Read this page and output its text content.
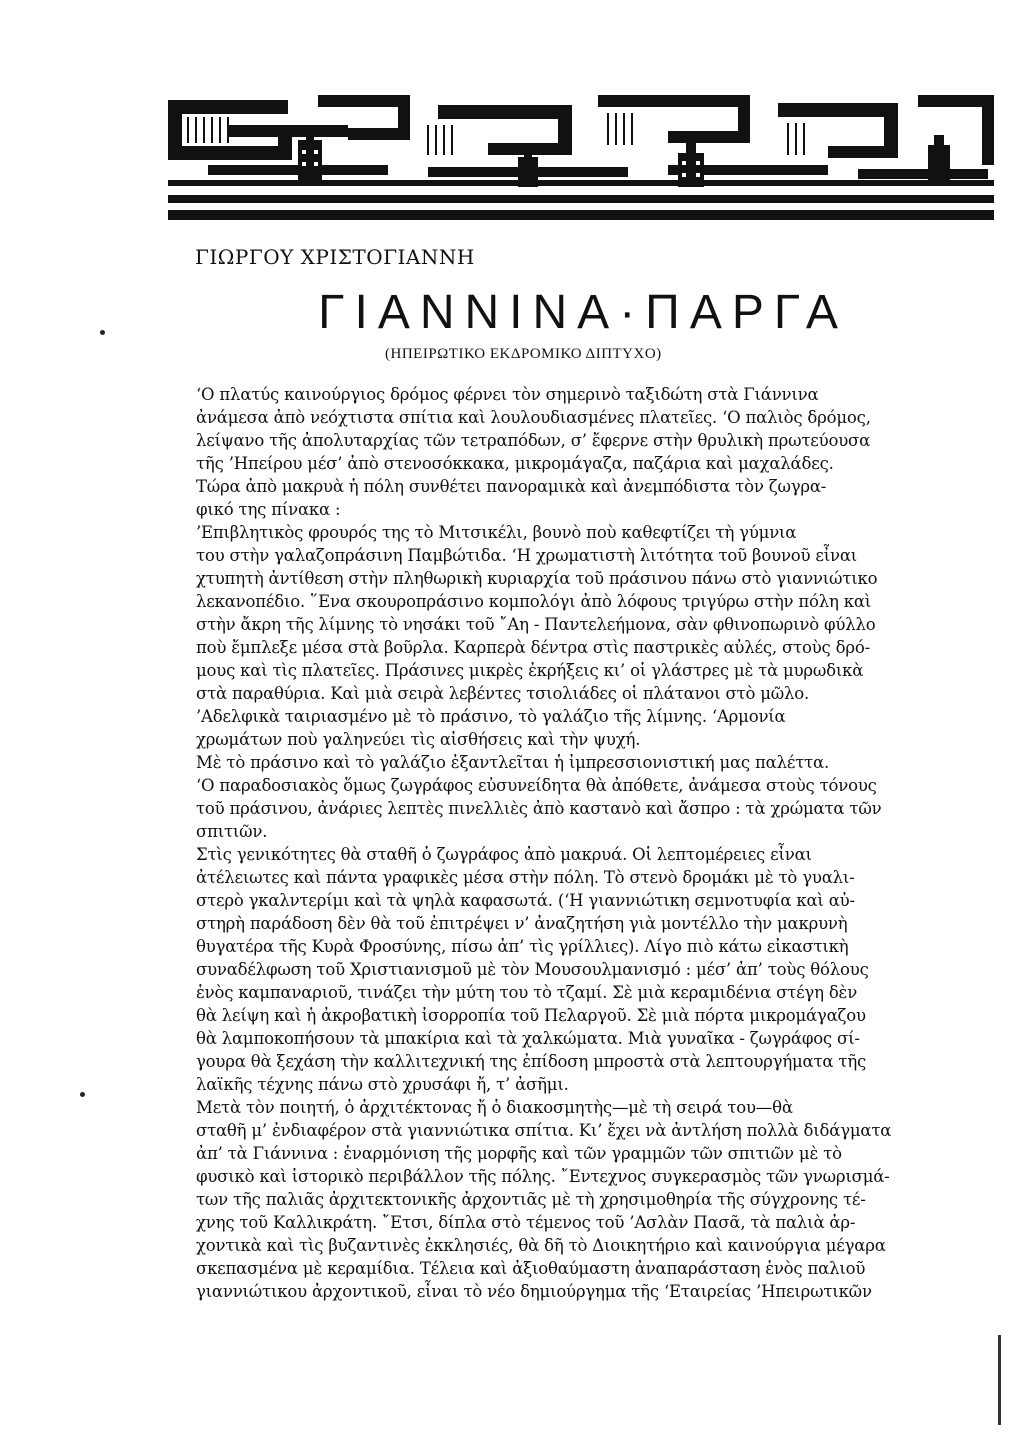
ΓΙΩΡΓΟΥ ΧΡΙΣΤΟΓΙΑΝΝΗ
ΓΙΑΝΝΙΝΑ·ΠΑΡΓΑ
(ΗΠΕΙΡΩΤΙΚΟ ΕΚΔΡΟΜΙΚΟ ΔΙΠΤΥΧΟ)
‘Ο πλατύς καινούργιος δρόμος φέρνει τὸν σημερινὸ ταξιδώτη στὰ Γιάννινα
ἀνάμεσα ἀπὸ νεόχτιστα σπίτια καὶ λουλουδιασμένες πλατεῖες. ‘Ο παλιὸς δρόμος,
λείψανο τῆς ἀπολυταρχίας τῶν τετραπόδων, σ’ ἔφερνε στὴν θρυλικὴ πρωτεύουσα
τῆς ’Ηπείρου μέσ’ ἀπὸ στενοσόκκακα, μικρομάγαζα, παζάρια καὶ μαχαλάδες.
Τώρα ἀπὸ μακρυὰ ἡ πόλη συνθέτει πανοραμικὰ καὶ ἀνεμπόδιστα τὸν ζωγρα-
φικό της πίνακα :
’Επιβλητικὸς φρουρός της τὸ Μιτσικέλι, βουνὸ ποὺ καθεφτίζει τὴ γύμνια
του στὴν γαλαζοπράσινη Παμβώτιδα. ‘Η χρωματιστὴ λιτότητα τοῦ βουνοῦ εἶναι
χτυπητὴ ἀντίθεση στὴν πληθωρικὴ κυριαρχία τοῦ πράσινου πάνω στὸ γιαννιώτικο
λεκανοπέδιο. ῞Ενα σκουροπράσινο κομπολόγι ἀπὸ λόφους τριγύρω στὴν πόλη καὶ
στὴν ἄκρη τῆς λίμνης τὸ νησάκι τοῦ ῎Αη - Παντελεήμονα, σὰν φθινοπωρινὸ φύλλο
ποὺ ἔμπλεξε μέσα στὰ βοῦρλα. Καρπερὰ δέντρα στὶς παστρικὲς αὐλές, στοὺς δρό-
μους καὶ τὶς πλατεῖες. Πράσινες μικρὲς ἐκρήξεις κι’ οἱ γλάστρες μὲ τὰ μυρωδικὰ
στὰ παραθύρια. Καὶ μιὰ σειρὰ λεβέντες τσιολιάδες οἱ πλάτανοι στὸ μῶλο.
’Αδελφικὰ ταιριασμένο μὲ τὸ πράσινο, τὸ γαλάζιο τῆς λίμνης. ‘Αρμονία
χρωμάτων ποὺ γαληνεύει τὶς αἰσθήσεις καὶ τὴν ψυχή.
Μὲ τὸ πράσινο καὶ τὸ γαλάζιο ἐξαντλεῖται ἡ ἰμπρεσσιονιστική μας παλέττα.
‘Ο παραδοσιακὸς ὅμως ζωγράφος εὐσυνείδητα θὰ ἀπόθετε, ἀνάμεσα στοὺς τόνους
τοῦ πράσινου, ἀνάριες λεπτὲς πινελλιὲς ἀπὸ καστανὸ καὶ ἄσπρο : τὰ χρώματα τῶν
σπιτιῶν.
Στὶς γενικότητες θὰ σταθῆ ὁ ζωγράφος ἀπὸ μακρυά. Οἱ λεπτομέρειες εἶναι
ἀτέλειωτες καὶ πάντα γραφικὲς μέσα στὴν πόλη. Τὸ στενὸ δρομάκι μὲ τὸ γυαλι-
στερὸ γκαλντερίμι καὶ τὰ ψηλὰ καφασωτά. (‘Η γιαννιώτικη σεμνοτυφία καὶ αὐ-
στηρὴ παράδοση δὲν θὰ τοῦ ἐπιτρέψει ν’ ἀναζητήση γιὰ μοντέλλο τὴν μακρυνὴ
θυγατέρα τῆς Κυρὰ Φροσύνης, πίσω ἀπ’ τὶς γρίλλιες). Λίγο πιὸ κάτω εἰκαστικὴ
συναδέλφωση τοῦ Χριστιανισμοῦ μὲ τὸν Μουσουλμανισμό : μέσ’ ἀπ’ τοὺς θόλους
ἑνὸς καμπαναριοῦ, τινάζει τὴν μύτη του τὸ τζαμί. Σὲ μιὰ κεραμιδένια στέγη δὲν
θὰ λείψη καὶ ἡ ἀκροβατικὴ ἰσορροπία τοῦ Πελαργοῦ. Σὲ μιὰ πόρτα μικρομάγαζου
θὰ λαμποκοπήσουν τὰ μπακίρια καὶ τὰ χαλκώματα. Μιὰ γυναῖκα - ζωγράφος σί-
γουρα θὰ ξεχάση τὴν καλλιτεχνική της ἐπίδοση μπροστὰ στὰ λεπτουργήματα τῆς
λαϊκῆς τέχνης πάνω στὸ χρυσάφι ἤ, τ’ ἀσῆμι.
Μετὰ τὸν ποιητή, ὁ ἀρχιτέκτονας ἤ ὁ διακοσμητὴς—μὲ τὴ σειρά του—θὰ
σταθῆ μ’ ἐνδιαφέρον στὰ γιαννιώτικα σπίτια. Κι’ ἔχει νὰ ἀντλήση πολλὰ διδάγματα
ἀπ’ τὰ Γιάννινα : ἐναρμόνιση τῆς μορφῆς καὶ τῶν γραμμῶν τῶν σπιτιῶν μὲ τὸ
φυσικὸ καὶ ἱστορικὸ περιβάλλον τῆς πόλης. ῎Εντεχνος συγκερασμὸς τῶν γνωρισμά-
των τῆς παλιᾶς ἀρχιτεκτονικῆς ἀρχοντιᾶς μὲ τὴ χρησιμοθηρία τῆς σύγχρονης τέ-
χνης τοῦ Καλλικράτη. ῎Ετσι, δίπλα στὸ τέμενος τοῦ ’Ασλὰν Πασᾶ, τὰ παλιὰ ἀρ-
χοντικὰ καὶ τὶς βυζαντινὲς ἐκκλησιές, θὰ δῆ τὸ Διοικητήριο καὶ καινούργια μέγαρα
σκεπασμένα μὲ κεραμίδια. Τέλεια καὶ ἀξιοθαύμαστη ἀναπαράσταση ἑνὸς παλιοῦ
γιαννιώτικου ἀρχοντικοῦ, εἶναι τὸ νέο δημιούργημα τῆς ‘Εταιρείας ’Ηπειρωτικῶν
